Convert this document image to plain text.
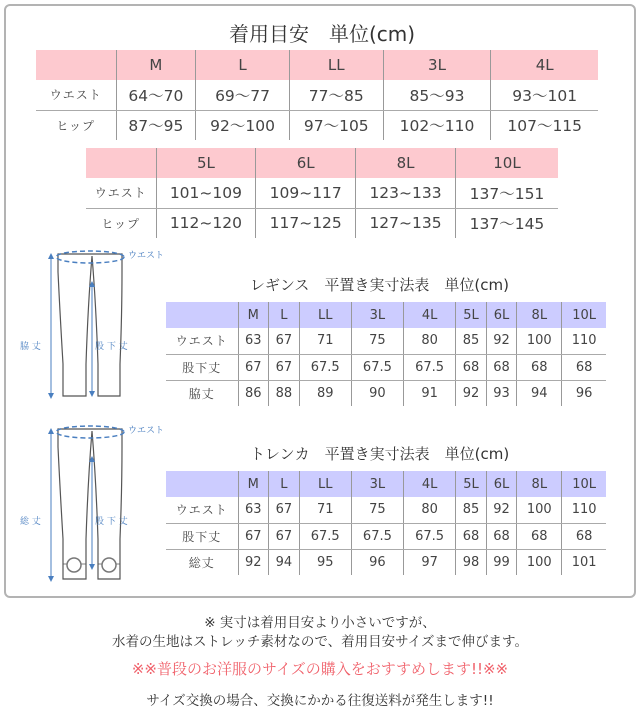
着用目安　単位(cm)
	M	L	LL	3L	4L
ウエスト	64〜70	69〜77	77〜85	85〜93	93〜101
ヒップ	87〜95	92〜100	97〜105	102〜110	107〜115
	5L	6L	8L	10L
ウエスト	101~109	109~117	123~133	137〜151
ヒップ	112~120	117~125	127~135	137〜145
ウエスト
脇 丈	股 下 丈
レギンス　平置き実寸法表　単位(cm)
	M	L	LL	3L	4L	5L	6L	8L	10L
ウエスト	63	67	71	75	80	85	92	100	110
股下丈	67	67	67.5	67.5	67.5	68	68	68	68
脇丈	86	88	89	90	91	92	93	94	96
ウエスト
総 丈	股 下 丈
トレンカ　平置き実寸法表　単位(cm)
	M	L	LL	3L	4L	5L	6L	8L	10L
ウエスト	63	67	71	75	80	85	92	100	110
股下丈	67	67	67.5	67.5	67.5	68	68	68	68
総丈	92	94	95	96	97	98	99	100	101
※ 実寸は着用目安より小さいですが、
水着の生地はストレッチ素材なので、着用目安サイズまで伸びます。
※※普段のお洋服のサイズの購入をおすすめします!!※※
サイズ交換の場合、交換にかかる往復送料が発生します!!
